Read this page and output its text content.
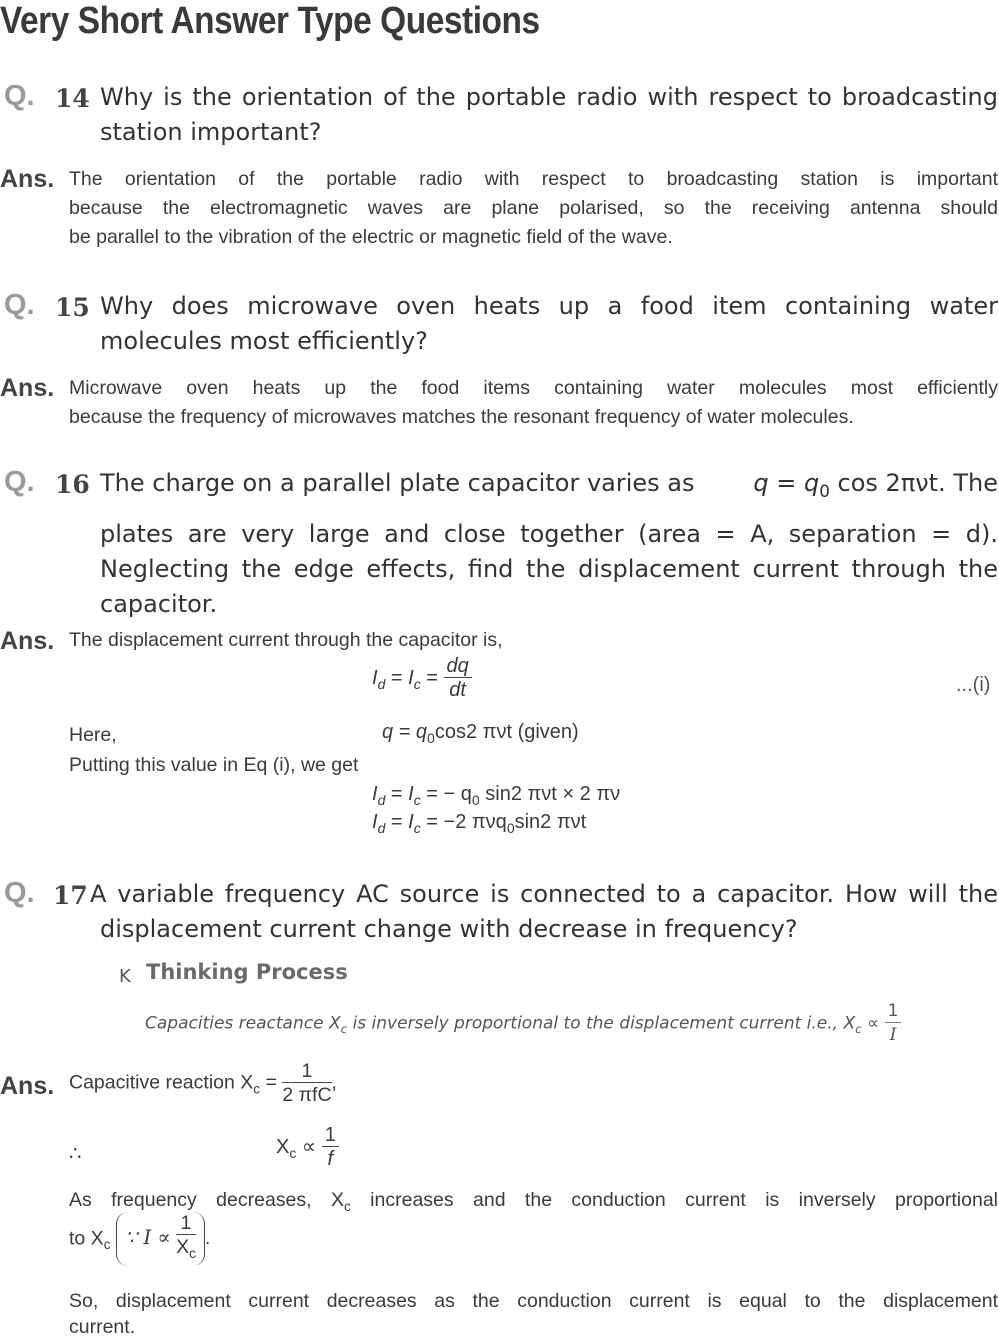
Very Short Answer Type Questions
Q. 14 Why is the orientation of the portable radio with respect to broadcasting
station important?
Ans. The orientation of the portable radio with respect to broadcasting station is important
because the electromagnetic waves are plane polarised, so the receiving antenna should
be parallel to the vibration of the electric or magnetic field of the wave.
Q. 15 Why does microwave oven heats up a food item containing water
molecules most efficiently?
Ans. Microwave oven heats up the food items containing water molecules most efficiently
because the frequency of microwaves matches the resonant frequency of water molecules.
Q. 16 The charge on a parallel plate capacitor varies as $q = q_0$ cos 2πνt. The
plates are very large and close together (area = A, separation = d).
Neglecting the edge effects, find the displacement current through the
capacitor.
Ans. The displacement current through the capacitor is,
$I_d = I_c = \frac{dq}{dt}$	...(i)
Here,	$q = q_0\cos 2$ πνt (given)
Putting this value in Eq (i), we get
$I_d = I_c$ = − $q_0$ sin2 πνt × 2 πν
$I_d = I_c = -2$ πνq$_0$sin2 πνt
Q. 17 A variable frequency AC source is connected to a capacitor. How will the
displacement current change with decrease in frequency?
K Thinking Process
Capacities reactance $X_c$ is inversely proportional to the displacement current i.e., $X_c \propto \frac{1}{I}$
Ans. Capacitive reaction $X_c = \frac{1}{\text{2 πfC}}$ ,
∴	$X_c \propto \frac{1}{f}$
As frequency decreases, $X_c$ increases and the conduction current is inversely proportional
to $X_c$ ∵ $I \propto \frac{1}{X_c}$ .
So, displacement current decreases as the conduction current is equal to the displacement
current.
